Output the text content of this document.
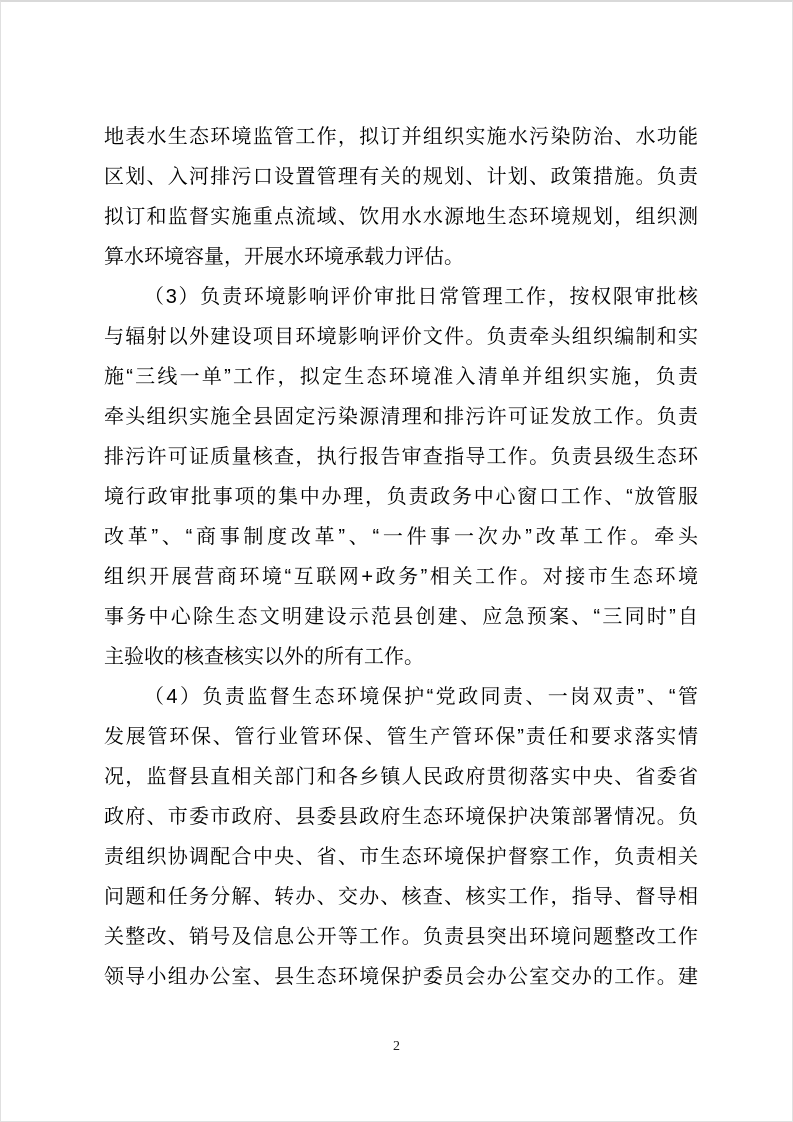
地表水生态环境监管工作，拟订并组织实施水污染防治、水功能
区划、入河排污口设置管理有关的规划、计划、政策措施。负责
拟订和监督实施重点流域、饮用水水源地生态环境规划，组织测
算水环境容量，开展水环境承载力评估。
（3）负责环境影响评价审批日常管理工作，按权限审批核
与辐射以外建设项目环境影响评价文件。负责牵头组织编制和实
施“三线一单”工作，拟定生态环境准入清单并组织实施，负责
牵头组织实施全县固定污染源清理和排污许可证发放工作。负责
排污许可证质量核查，执行报告审查指导工作。负责县级生态环
境行政审批事项的集中办理，负责政务中心窗口工作、“放管服
改革”、“商事制度改革”、“一件事一次办”改革工作。牵头
组织开展营商环境“互联网+政务”相关工作。对接市生态环境
事务中心除生态文明建设示范县创建、应急预案、“三同时”自
主验收的核查核实以外的所有工作。
（4）负责监督生态环境保护“党政同责、一岗双责”、“管
发展管环保、管行业管环保、管生产管环保”责任和要求落实情
况，监督县直相关部门和各乡镇人民政府贯彻落实中央、省委省
政府、市委市政府、县委县政府生态环境保护决策部署情况。负
责组织协调配合中央、省、市生态环境保护督察工作，负责相关
问题和任务分解、转办、交办、核查、核实工作，指导、督导相
关整改、销号及信息公开等工作。负责县突出环境问题整改工作
领导小组办公室、县生态环境保护委员会办公室交办的工作。建
2
